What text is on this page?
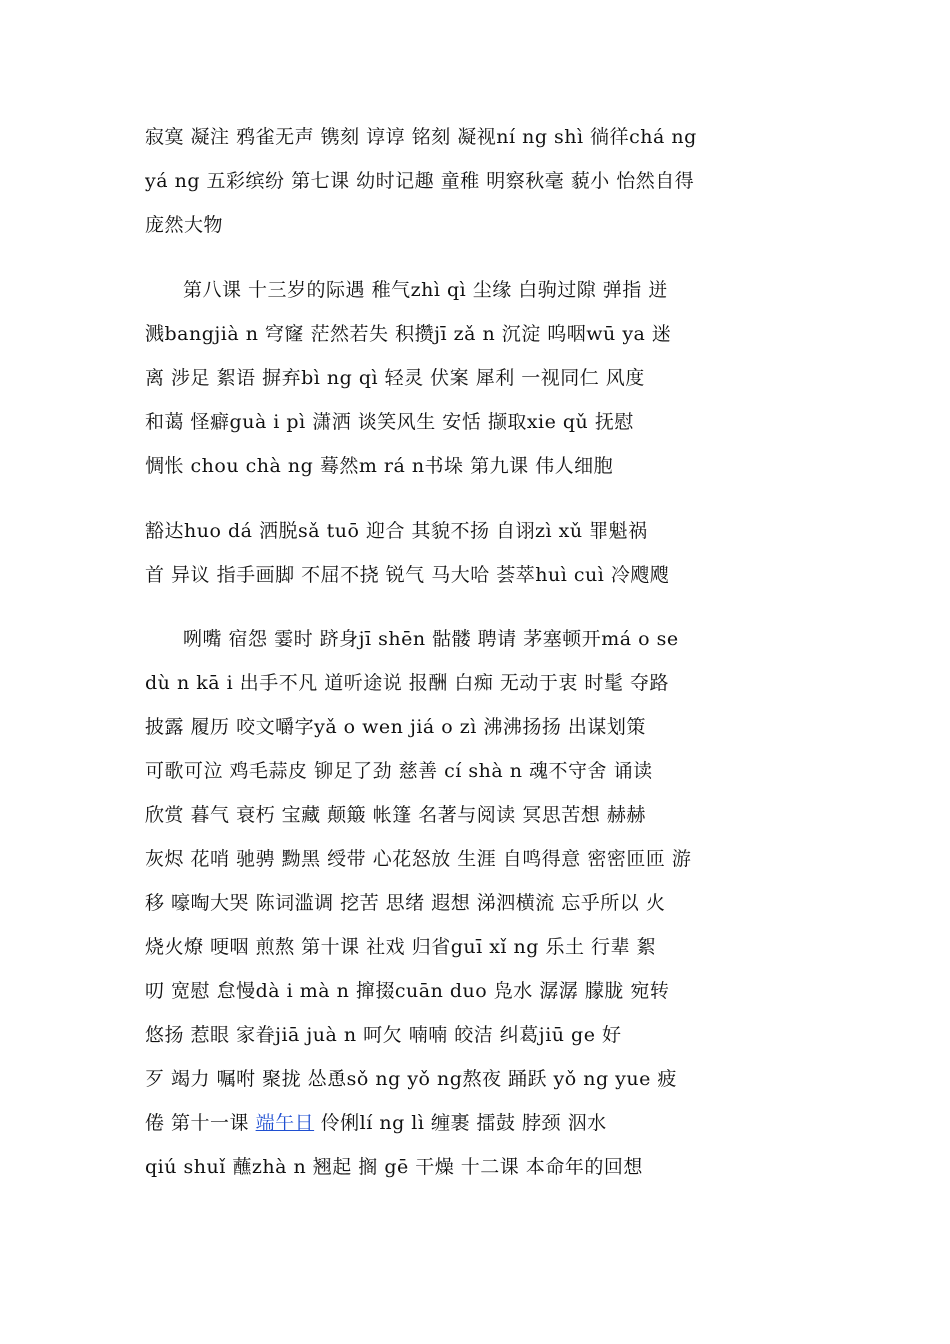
寂寞 凝注 鸦雀无声 镌刻 谆谆 铭刻 凝视ní ng shì 徜徉chá ng
yá ng 五彩缤纷 第七课 幼时记趣 童稚 明察秋毫 藐小 怡然自得
庞然大物
第八课 十三岁的际遇 稚气zhì qì 尘缘 白驹过隙 弹指 迸
溅bangjià n 穹窿 茫然若失 积攒jī zǎ n 沉淀 呜咽wū ya 迷
离 涉足 絮语 摒弃bì ng qì 轻灵 伏案 犀利 一视同仁 风度
和蔼 怪癖guà i pì 潇洒 谈笑风生 安恬 撷取xie qǔ 抚慰
惆怅 chou chà ng 蓦然m rá n书垛 第九课 伟人细胞
豁达huo dá 洒脱sǎ tuō 迎合 其貌不扬 自诩zì xǔ 罪魁祸
首 异议 指手画脚 不屈不挠 锐气 马大哈 荟萃huì cuì 冷飕飕
咧嘴 宿怨 霎时 跻身jī shēn 骷髅 聘请 茅塞顿开má o se
dù n kā i 出手不凡 道听途说 报酬 白痴 无动于衷 时髦 夺路
披露 履历 咬文嚼字yǎ o wen jiá o zì 沸沸扬扬 出谋划策
可歌可泣 鸡毛蒜皮 铆足了劲 慈善 cí shà n 魂不守舍 诵读
欣赏 暮气 衰朽 宝藏 颠簸 帐篷 名著与阅读 冥思苦想 赫赫
灰烬 花哨 驰骋 黝黑 绶带 心花怒放 生涯 自鸣得意 密密匝匝 游
移 嚎啕大哭 陈词滥调 挖苦 思绪 遐想 涕泗横流 忘乎所以 火
烧火燎 哽咽 煎熬 第十课 社戏 归省guī xǐ ng 乐土 行辈 絮
叨 宽慰 怠慢dà i mà n 撺掇cuān duo 凫水 潺潺 朦胧 宛转
悠扬 惹眼 家眷jiā juà n 呵欠 喃喃 皎洁 纠葛jiū ge 好
歹 竭力 嘱咐 聚拢 怂恿sǒ ng yǒ ng熬夜 踊跃 yǒ ng yue 疲
倦 第十一课 端午日 伶俐lí ng lì 缠裹 擂鼓 脖颈 泅水
qiú shuǐ 蘸zhà n 翘起 搁 gē 干燥 十二课 本命年的回想
